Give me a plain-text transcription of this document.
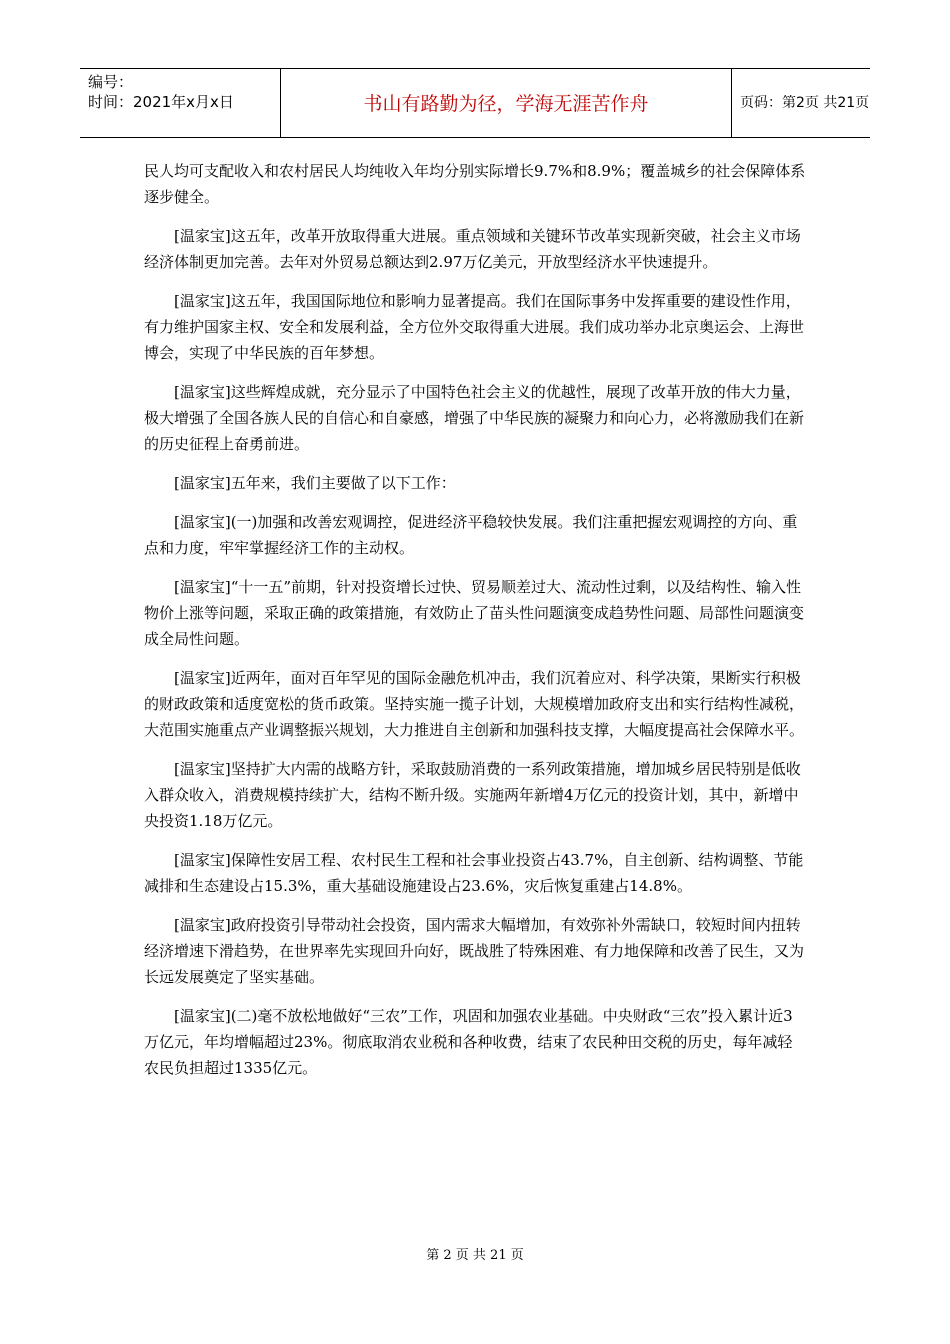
编号：
时间：2021年x月x日	书山有路勤为径，学海无涯苦作舟	页码：第2页 共21页

民人均可支配收入和农村居民人均纯收入年均分别实际增长9.7%和8.9%；覆盖城乡的社会保障体系逐步健全。

[温家宝]这五年，改革开放取得重大进展。重点领域和关键环节改革实现新突破，社会主义市场经济体制更加完善。去年对外贸易总额达到2.97万亿美元，开放型经济水平快速提升。

[温家宝]这五年，我国国际地位和影响力显著提高。我们在国际事务中发挥重要的建设性作用，有力维护国家主权、安全和发展利益，全方位外交取得重大进展。我们成功举办北京奥运会、上海世博会，实现了中华民族的百年梦想。

[温家宝]这些辉煌成就，充分显示了中国特色社会主义的优越性，展现了改革开放的伟大力量，极大增强了全国各族人民的自信心和自豪感，增强了中华民族的凝聚力和向心力，必将激励我们在新的历史征程上奋勇前进。

[温家宝]五年来，我们主要做了以下工作：

[温家宝](一)加强和改善宏观调控，促进经济平稳较快发展。我们注重把握宏观调控的方向、重点和力度，牢牢掌握经济工作的主动权。

[温家宝]“十一五”前期，针对投资增长过快、贸易顺差过大、流动性过剩，以及结构性、输入性物价上涨等问题，采取正确的政策措施，有效防止了苗头性问题演变成趋势性问题、局部性问题演变成全局性问题。

[温家宝]近两年，面对百年罕见的国际金融危机冲击，我们沉着应对、科学决策，果断实行积极的财政政策和适度宽松的货币政策。坚持实施一揽子计划，大规模增加政府支出和实行结构性减税，大范围实施重点产业调整振兴规划，大力推进自主创新和加强科技支撑，大幅度提高社会保障水平。

[温家宝]坚持扩大内需的战略方针，采取鼓励消费的一系列政策措施，增加城乡居民特别是低收入群众收入，消费规模持续扩大，结构不断升级。实施两年新增4万亿元的投资计划，其中，新增中央投资1.18万亿元。

[温家宝]保障性安居工程、农村民生工程和社会事业投资占43.7%，自主创新、结构调整、节能减排和生态建设占15.3%，重大基础设施建设占23.6%，灾后恢复重建占14.8%。

[温家宝]政府投资引导带动社会投资，国内需求大幅增加，有效弥补外需缺口，较短时间内扭转经济增速下滑趋势，在世界率先实现回升向好，既战胜了特殊困难、有力地保障和改善了民生，又为长远发展奠定了坚实基础。

[温家宝](二)毫不放松地做好“三农”工作，巩固和加强农业基础。中央财政“三农”投入累计近3万亿元，年均增幅超过23%。彻底取消农业税和各种收费，结束了农民种田交税的历史，每年减轻农民负担超过1335亿元。

第 2 页 共 21 页
